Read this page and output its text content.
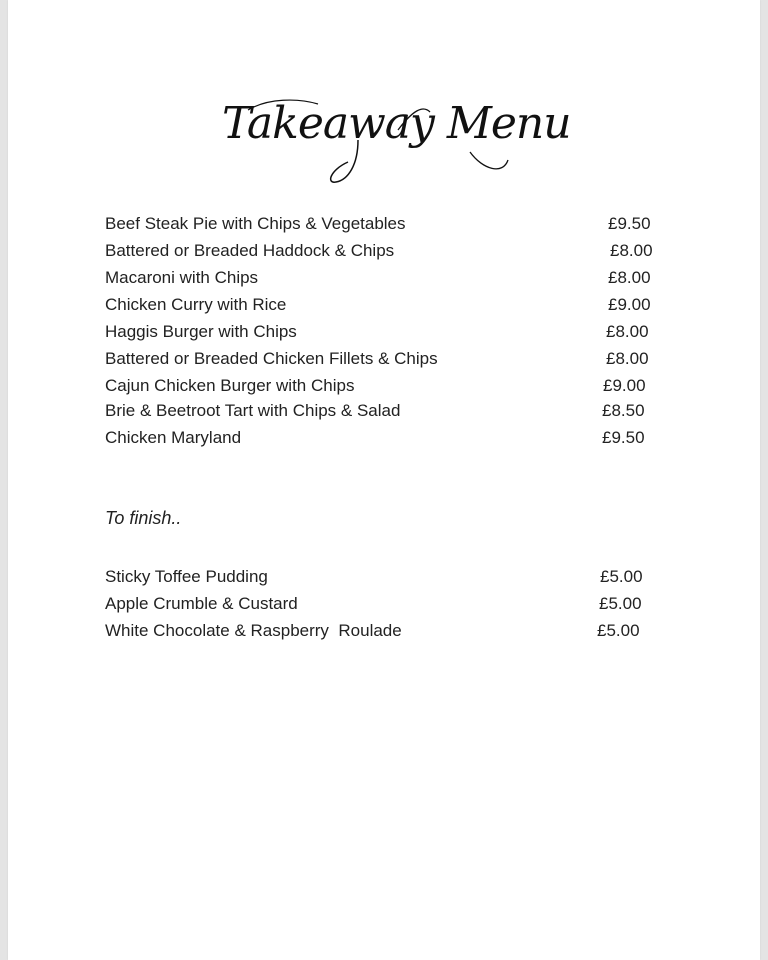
Takeaway Menu
Beef Steak Pie with Chips & Vegetables	£9.50
Battered or Breaded Haddock & Chips	£8.00
Macaroni with Chips	£8.00
Chicken Curry with Rice	£9.00
Haggis Burger with Chips	£8.00
Battered or Breaded Chicken Fillets & Chips	£8.00
Cajun Chicken Burger with Chips	£9.00
Brie & Beetroot Tart with Chips & Salad	£8.50
Chicken Maryland	£9.50
To finish..
Sticky Toffee Pudding	£5.00
Apple Crumble & Custard	£5.00
White Chocolate & Raspberry  Roulade	£5.00
